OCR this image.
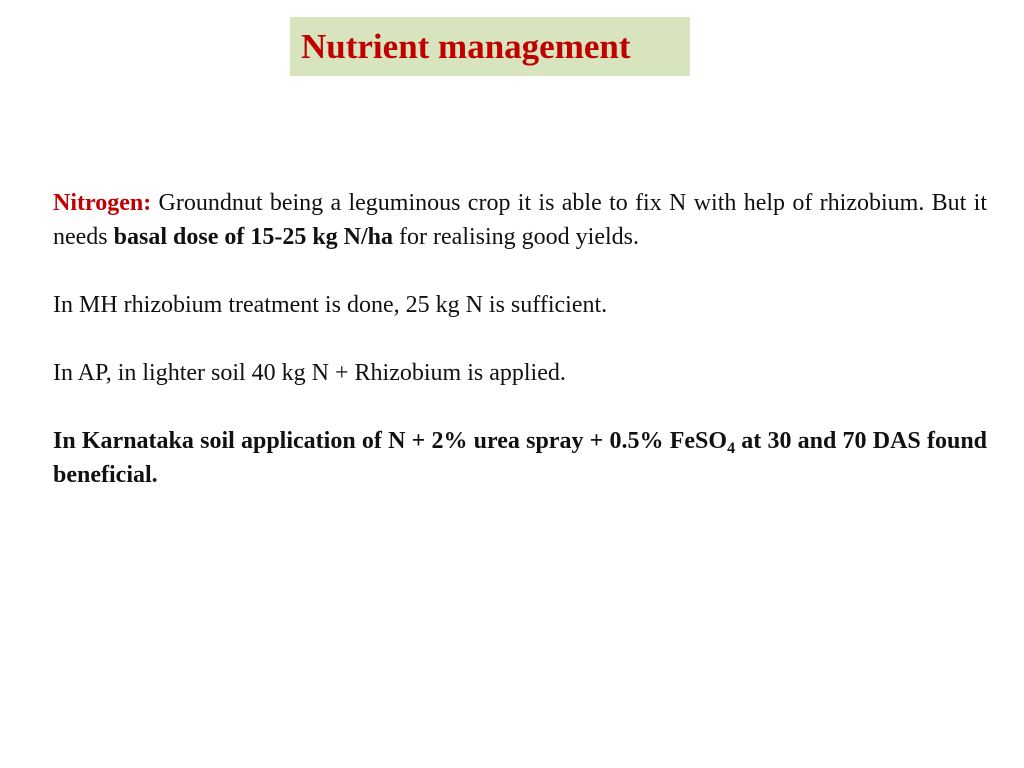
Nutrient management

Nitrogen: Groundnut being a leguminous crop it is able to fix N with help of rhizobium. But it needs basal dose of 15-25 kg N/ha for realising good yields.

In MH rhizobium treatment is done, 25 kg N is sufficient.

In AP, in lighter soil 40 kg N + Rhizobium is applied.

In Karnataka soil application of N + 2% urea spray + 0.5% FeSO$_4$ at 30 and 70 DAS found beneficial.
